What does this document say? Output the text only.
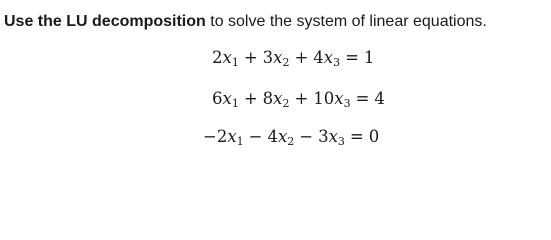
Use the LU decomposition to solve the system of linear equations.
$2x_1 + 3x_2 + 4x_3 = 1$
$6x_1 + 8x_2 + 10x_3 = 4$
$-2x_1 - 4x_2 - 3x_3 = 0$
